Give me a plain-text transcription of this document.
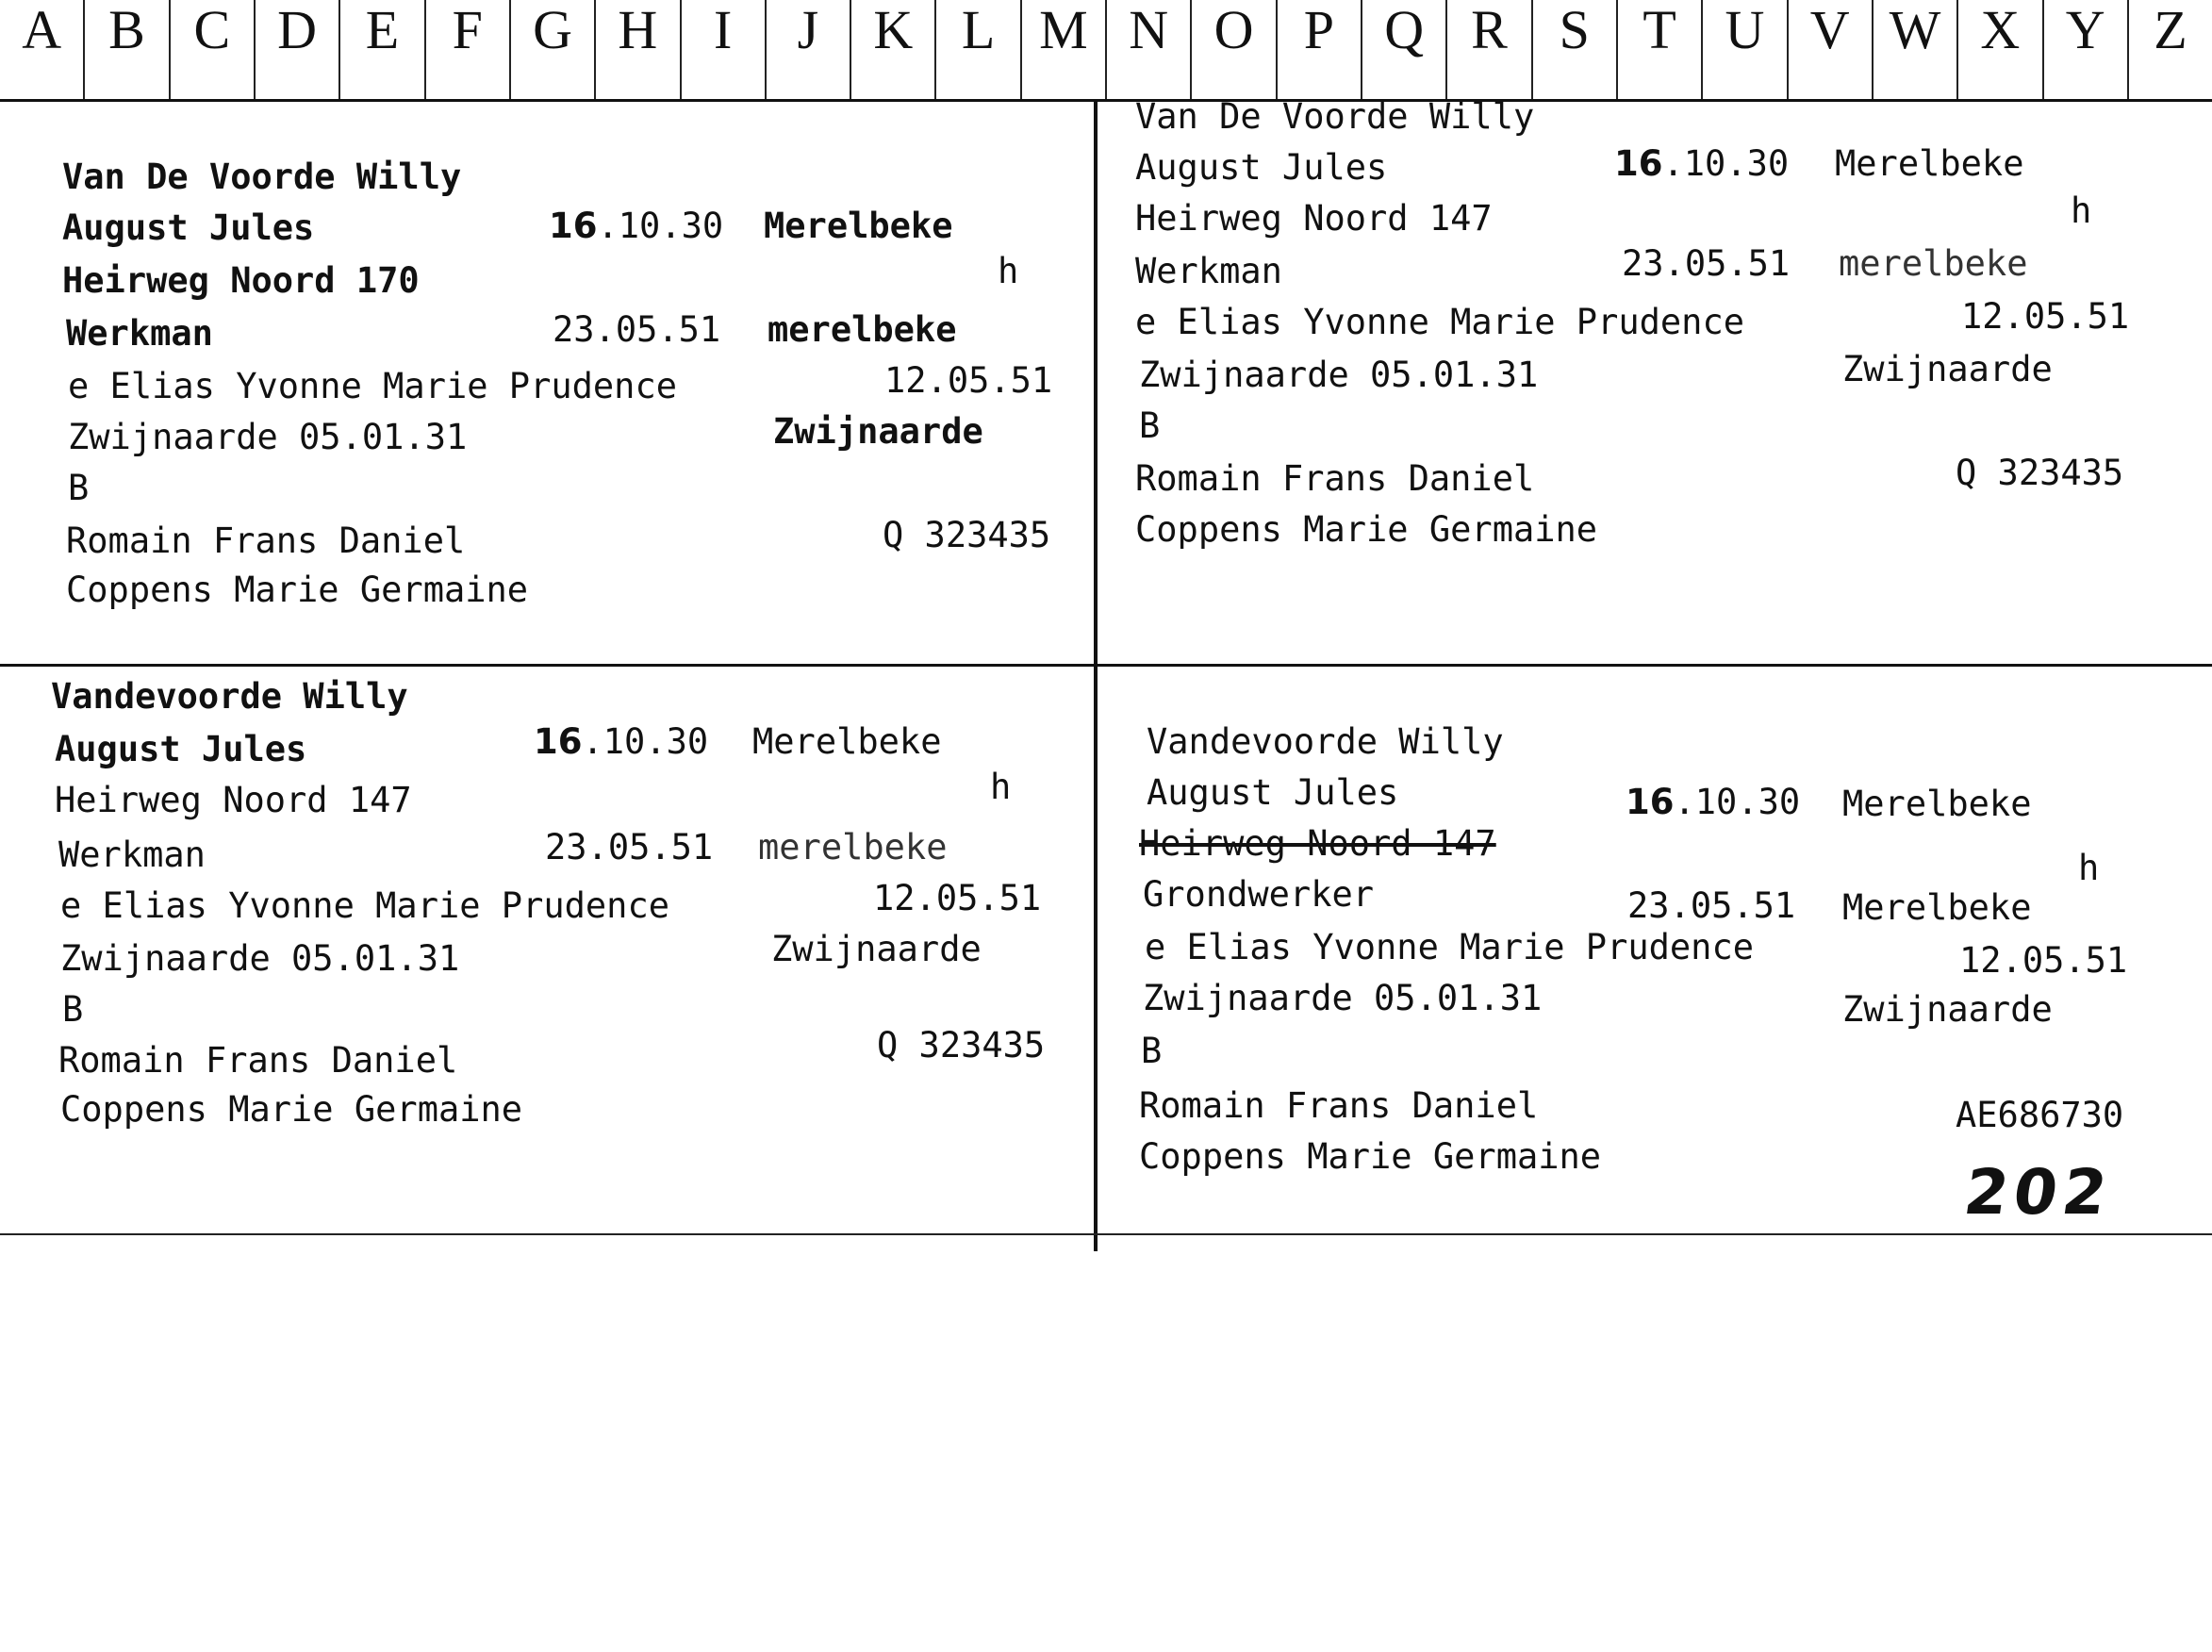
A B C D E F G H	I	J	K L M N O P Q R S T U V W X Y Z

Van De Voorde Willy

August Jules

	16.10.30

Merelbeke

Heirweg Noord 170

	h

Werkman

	23.05.51

merelbeke

e Elias Yvonne Marie Prudence

	12.05.51

Zwijnaarde 05.01.31

	Zwijnaarde

B

Romain Frans Daniel

	Q 323435

Coppens Marie Germaine

Van De Voorde Willy

August Jules

	16.10.30

Merelbeke

Heirweg Noord 147

	h

Werkman

	23.05.51

merelbeke

e Elias Yvonne Marie Prudence

	12.05.51

Zwijnaarde 05.01.31

	Zwijnaarde

B

Romain Frans Daniel

	Q 323435

Coppens Marie Germaine

Vandevoorde Willy

August Jules

	16.10.30

Merelbeke

Heirweg Noord 147

	h

Werkman

	23.05.51

merelbeke

e Elias Yvonne Marie Prudence

	12.05.51

Zwijnaarde 05.01.31

	Zwijnaarde

B

Romain Frans Daniel

	Q 323435

Coppens Marie Germaine

Vandevoorde Willy

August Jules

	16.10.30

Merelbeke

Heirweg Noord 147

h

Grondwerker

	23.05.51

Merelbeke

e Elias Yvonne Marie Prudence

	12.05.51

Zwijnaarde 05.01.31

	Zwijnaarde

B

Romain Frans Daniel

	AE686730

Coppens Marie Germaine

	202
